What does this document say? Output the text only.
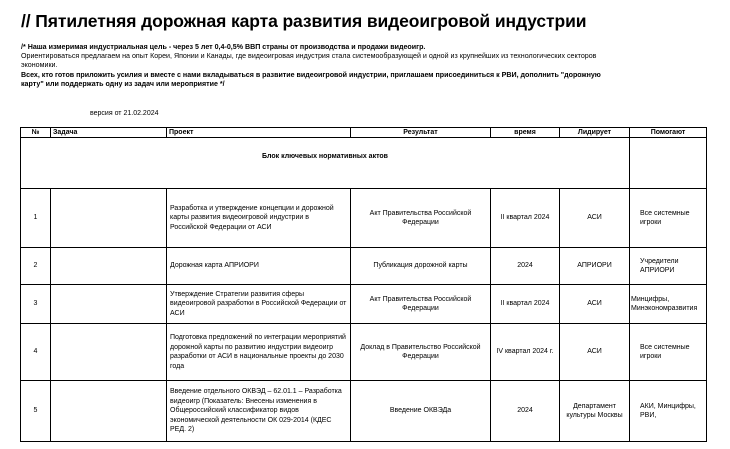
// Пятилетняя дорожная карта развития видеоигровой индустрии
/* Наша измеримая индустриальная цель - через 5 лет 0,4-0,5% ВВП страны от производства и продажи видеоигр.
Ориентироваться предлагаем на опыт Кореи, Японии и Канады, где видеоигровая индустрия стала системообразующей и одной из крупнейших из технологических секторов экономики.
Всех, кто готов приложить усилия и вместе с нами вкладываться в развитие видеоигровой индустрии, приглашаем присоединиться к РВИ, дополнить "дорожную карту" или поддержать одну из задач или мероприятие */
версия от 21.02.2024
№	Задача	Проект	Результат	время	Лидирует	Помогают
Блок ключевых нормативных актов						
1		Разработка и утверждение концепции и дорожной карты развития видеоигровой индустрии в Российской Федерации от АСИ	Акт Правительства Российской Федерации	II квартал 2024	АСИ	Все системные игроки
2		Дорожная карта АПРИОРИ	Публикация дорожной карты	2024	АПРИОРИ	Учредители АПРИОРИ
3		Утверждение Стратегии развития сферы видеоигровой разработки в Российской Федерации от АСИ	Акт Правительства Российской Федерации	II квартал 2024	АСИ	Минцифры, Минэкономразвития
4		Подготовка предложений по интеграции мероприятий дорожной карты по развитию индустрии видеоигр разработки от АСИ в национальные проекты до 2030 года	Доклад в Правительство Российской Федерации	IV квартал 2024 г.	АСИ	Все системные игроки
5		Введение отдельного ОКВЭД – 62.01.1 – Разработка видеоигр (Показатель: Внесены изменения в Общероссийский классификатор видов экономической деятельности ОК 029-2014 (КДЕС РЕД. 2)	Введение ОКВЭДа	2024	Департамент культуры Москвы	АКИ, Минцифры, РВИ,
